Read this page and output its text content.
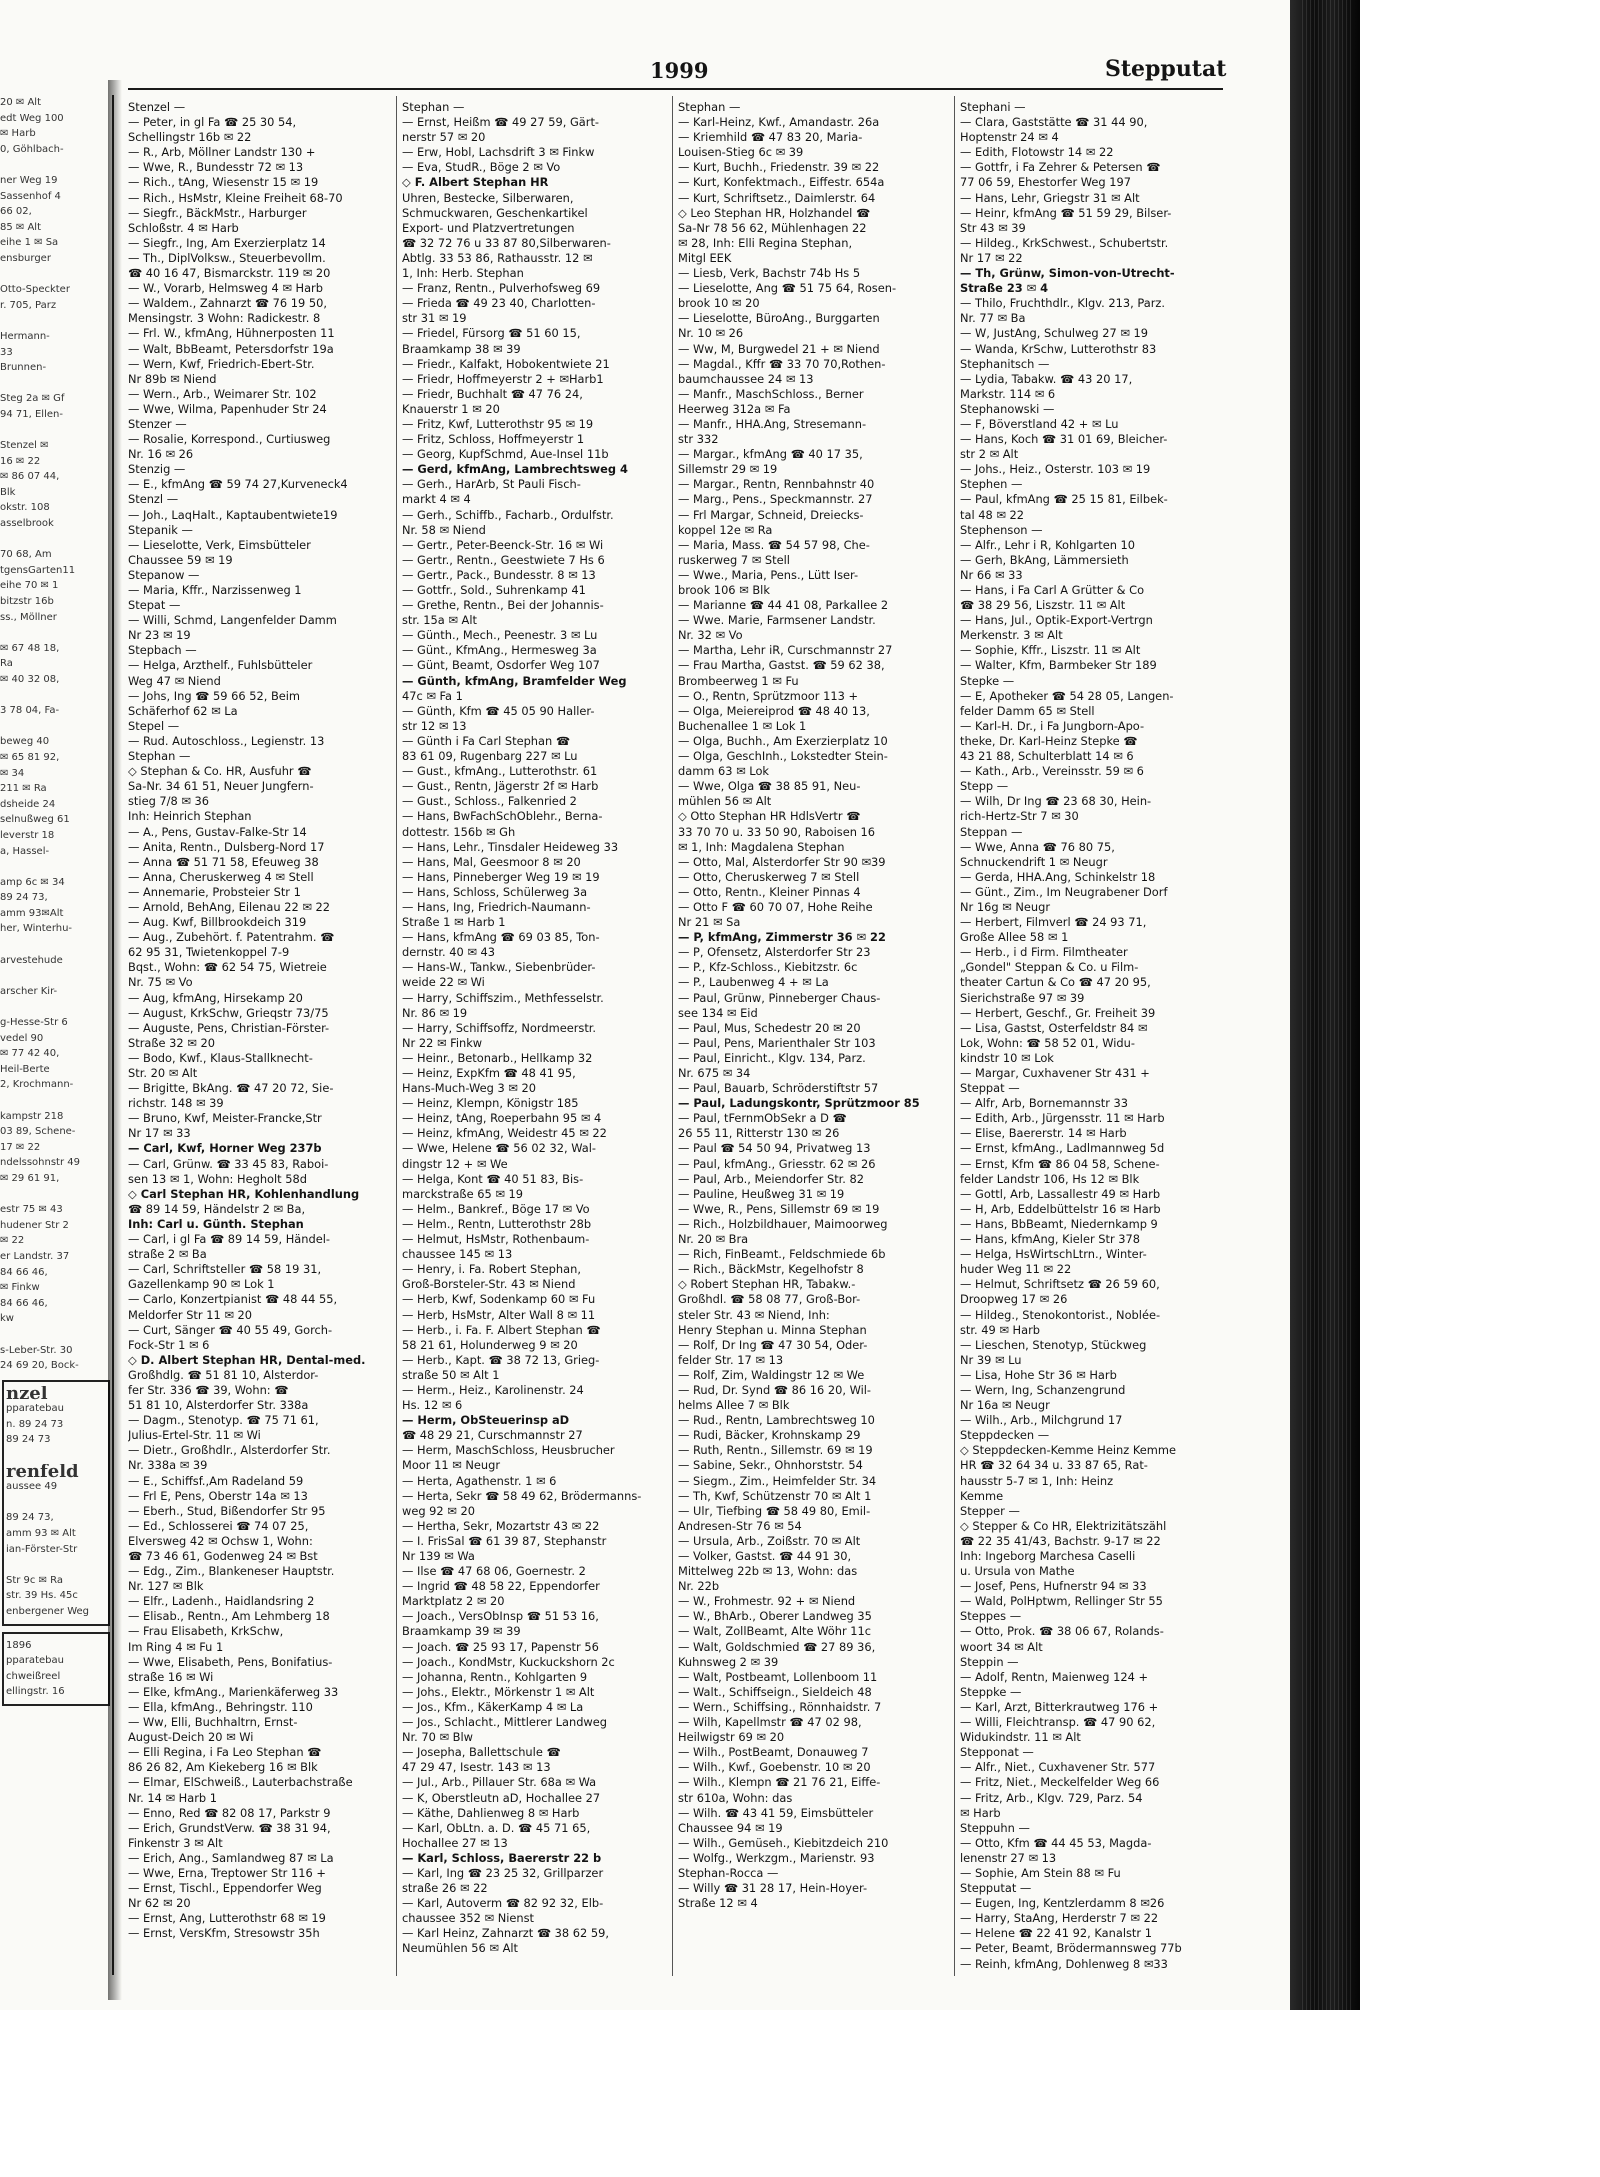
20 ✉ Alt
edt Weg 100
✉ Harb
0, Göhlbach-

ner Weg 19
Sassenhof 4
66 02,
85 ✉ Alt
eihe 1 ✉ Sa
ensburger

Otto-Speckter
r. 705, Parz

Hermann-
33
Brunnen-

Steg 2a ✉ Gf
94 71, Ellen-

Stenzel ✉
16 ✉ 22
✉ 86 07 44,
Blk
okstr. 108
asselbrook

70 68, Am
tgensGarten11
eihe 70 ✉ 1
bitzstr 16b
ss., Möllner

✉ 67 48 18,
Ra
✉ 40 32 08,

3 78 04, Fa-

beweg 40
✉ 65 81 92,
✉ 34
211 ✉ Ra
dsheide 24
selnußweg 61
leverstr 18
a, Hassel-

amp 6c ✉ 34
89 24 73,
amm 93✉Alt
her, Winterhu-

arvestehude

arscher Kir-

g-Hesse-Str 6
vedel 90
✉ 77 42 40,
Heil-Berte
2, Krochmann-

kampstr 218
03 89, Schene-
17 ✉ 22
ndelssohnstr 49
✉ 29 61 91,

estr 75 ✉ 43
hudener Str 2
✉ 22
er Landstr. 37
84 66 46,
✉ Finkw
84 66 46,
kw

s-Leber-Str. 30
24 69 20, Bock-
nzel
pparatebau
n. 89 24 73
89 24 73

renfeld
aussee 49

89 24 73,
amm 93 ✉ Alt
ian-Förster-Str

Str 9c ✉ Ra
str. 39 Hs. 45c
enbergener Weg
1896
pparatebau
chweißreel
ellingstr. 16
1999	Stepputat
Stenzel —
— Peter, in gl Fa ☎ 25 30 54,
Schellingstr 16b ✉ 22
— R., Arb, Möllner Landstr 130 +
— Wwe, R., Bundesstr 72 ✉ 13
— Rich., tAng, Wiesenstr 15 ✉ 19
— Rich., HsMstr, Kleine Freiheit 68-70
— Siegfr., BäckMstr., Harburger
Schloßstr. 4 ✉ Harb
— Siegfr., Ing, Am Exerzierplatz 14
— Th., DiplVolksw., Steuerbevollm.
☎ 40 16 47, Bismarckstr. 119 ✉ 20
— W., Vorarb, Helmsweg 4 ✉ Harb
— Waldem., Zahnarzt ☎ 76 19 50,
Mensingstr. 3 Wohn: Radickestr. 8
— Frl. W., kfmAng, Hühnerposten 11
— Walt, BbBeamt, Petersdorfstr 19a
— Wern, Kwf, Friedrich-Ebert-Str.
Nr 89b ✉ Niend
— Wern., Arb., Weimarer Str. 102
— Wwe, Wilma, Papenhuder Str 24
Stenzer —
— Rosalie, Korrespond., Curtiusweg
Nr. 16 ✉ 26
Stenzig —
— E., kfmAng ☎ 59 74 27,Kurveneck4
Stenzl —
— Joh., LaqHalt., Kaptaubentwiete19
Stepanik —
— Lieselotte, Verk, Eimsbütteler
Chaussee 59 ✉ 19
Stepanow —
— Maria, Kffr., Narzissenweg 1
Stepat —
— Willi, Schmd, Langenfelder Damm
Nr 23 ✉ 19
Stepbach —
— Helga, Arzthelf., Fuhlsbütteler
Weg 47 ✉ Niend
— Johs, Ing ☎ 59 66 52, Beim
Schäferhof 62 ✉ La
Stepel —
— Rud. Autoschloss., Legienstr. 13
Stephan —
◇ Stephan & Co. HR, Ausfuhr ☎
Sa-Nr. 34 61 51, Neuer Jungfern-
stieg 7/8 ✉ 36
Inh: Heinrich Stephan
— A., Pens, Gustav-Falke-Str 14
— Anita, Rentn., Dulsberg-Nord 17
— Anna ☎ 51 71 58, Efeuweg 38
— Anna, Cheruskerweg 4 ✉ Stell
— Annemarie, Probsteier Str 1
— Arnold, BehAng, Eilenau 22 ✉ 22
— Aug. Kwf, Billbrookdeich 319
— Aug., Zubehört. f. Patentrahm. ☎
62 95 31, Twietenkoppel 7-9
Bqst., Wohn: ☎ 62 54 75, Wietreie
Nr. 75 ✉ Vo
— Aug, kfmAng, Hirsekamp 20
— August, KrkSchw, Grieqstr 73/75
— Auguste, Pens, Christian-Förster-
Straße 32 ✉ 20
— Bodo, Kwf., Klaus-Stallknecht-
Str. 20 ✉ Alt
— Brigitte, BkAng. ☎ 47 20 72, Sie-
richstr. 148 ✉ 39
— Bruno, Kwf, Meister-Francke,Str
Nr 17 ✉ 33
— Carl, Kwf, Horner Weg 237b
— Carl, Grünw. ☎ 33 45 83, Raboi-
sen 13 ✉ 1, Wohn: Hegholt 58d
◇ Carl Stephan HR, Kohlenhandlung
☎ 89 14 59, Händelstr 2 ✉ Ba,
Inh: Carl u. Günth. Stephan
— Carl, i gl Fa ☎ 89 14 59, Händel-
straße 2 ✉ Ba
— Carl, Schriftsteller ☎ 58 19 31,
Gazellenkamp 90 ✉ Lok 1
— Carlo, Konzertpianist ☎ 48 44 55,
Meldorfer Str 11 ✉ 20
— Curt, Sänger ☎ 40 55 49, Gorch-
Fock-Str 1 ✉ 6
◇ D. Albert Stephan HR, Dental-med.
Großhdlg. ☎ 51 81 10, Alsterdor-
fer Str. 336 ☎ 39, Wohn: ☎
51 81 10, Alsterdorfer Str. 338a
— Dagm., Stenotyp. ☎ 75 71 61,
Julius-Ertel-Str. 11 ✉ Wi
— Dietr., Großhdlr., Alsterdorfer Str.
Nr. 338a ✉ 39
— E., Schiffsf.,Am Radeland 59
— Frl E, Pens, Oberstr 14a ✉ 13
— Eberh., Stud, Bißendorfer Str 95
— Ed., Schlosserei ☎ 74 07 25,
Elversweg 42 ✉ Ochsw 1, Wohn:
☎ 73 46 61, Godenweg 24 ✉ Bst
— Edg., Zim., Blankeneser Hauptstr.
Nr. 127 ✉ Blk
— Elfr., Ladenh., Haidlandsring 2
— Elisab., Rentn., Am Lehmberg 18
— Frau Elisabeth, KrkSchw,
Im Ring 4 ✉ Fu 1
— Wwe, Elisabeth, Pens, Bonifatius-
straße 16 ✉ Wi
— Elke, kfmAng., Marienkäferweg 33
— Ella, kfmAng., Behringstr. 110
— Ww, Elli, Buchhaltrn, Ernst-
August-Deich 20 ✉ Wi
— Elli Regina, i Fa Leo Stephan ☎
86 26 82, Am Kiekeberg 16 ✉ Blk
— Elmar, ElSchweiß., Lauterbachstraße
Nr. 14 ✉ Harb 1
— Enno, Red ☎ 82 08 17, Parkstr 9
— Erich, GrundstVerw. ☎ 38 31 94,
Finkenstr 3 ✉ Alt
— Erich, Ang., Samlandweg 87 ✉ La
— Wwe, Erna, Treptower Str 116 +
— Ernst, Tischl., Eppendorfer Weg
Nr 62 ✉ 20
— Ernst, Ang, Lutterothstr 68 ✉ 19
— Ernst, VersKfm, Stresowstr 35h
Stephan —
— Ernst, Heißm ☎ 49 27 59, Gärt-
nerstr 57 ✉ 20
— Erw, Hobl, Lachsdrift 3 ✉ Finkw
— Eva, StudR., Böge 2 ✉ Vo
◇ F. Albert Stephan HR
Uhren, Bestecke, Silberwaren,
Schmuckwaren, Geschenkartikel
Export- und Platzvertretungen
☎ 32 72 76 u 33 87 80,Silberwaren-
Abtlg. 33 53 86, Rathausstr. 12 ✉
1, Inh: Herb. Stephan
— Franz, Rentn., Pulverhofsweg 69
— Frieda ☎ 49 23 40, Charlotten-
str 31 ✉ 19
— Friedel, Fürsorg ☎ 51 60 15,
Braamkamp 38 ✉ 39
— Friedr., Kalfakt, Hobokentwiete 21
— Friedr, Hoffmeyerstr 2 + ✉Harb1
— Friedr, Buchhalt ☎ 47 76 24,
Knauerstr 1 ✉ 20
— Fritz, Kwf, Lutterothstr 95 ✉ 19
— Fritz, Schloss, Hoffmeyerstr 1
— Georg, KupfSchmd, Aue-Insel 11b
— Gerd, kfmAng, Lambrechtsweg 4
— Gerh., HarArb, St Pauli Fisch-
markt 4 ✉ 4
— Gerh., Schiffb., Facharb., Ordulfstr.
Nr. 58 ✉ Niend
— Gertr., Peter-Beenck-Str. 16 ✉ Wi
— Gertr., Rentn., Geestwiete 7 Hs 6
— Gertr., Pack., Bundesstr. 8 ✉ 13
— Gottfr., Sold., Suhrenkamp 41
— Grethe, Rentn., Bei der Johannis-
str. 15a ✉ Alt
— Günth., Mech., Peenestr. 3 ✉ Lu
— Günt., KfmAng., Hermesweg 3a
— Günt, Beamt, Osdorfer Weg 107
— Günth, kfmAng, Bramfelder Weg
47c ✉ Fa 1
— Günth, Kfm ☎ 45 05 90 Haller-
str 12 ✉ 13
— Günth i Fa Carl Stephan ☎
83 61 09, Rugenbarg 227 ✉ Lu
— Gust., kfmAng., Lutterothstr. 61
— Gust., Rentn, Jägerstr 2f ✉ Harb
— Gust., Schloss., Falkenried 2
— Hans, BwFachSchOblehr., Berna-
dottestr. 156b ✉ Gh
— Hans, Lehr., Tinsdaler Heideweg 33
— Hans, Mal, Geesmoor 8 ✉ 20
— Hans, Pinneberger Weg 19 ✉ 19
— Hans, Schloss, Schülerweg 3a
— Hans, Ing, Friedrich-Naumann-
Straße 1 ✉ Harb 1
— Hans, kfmAng ☎ 69 03 85, Ton-
dernstr. 40 ✉ 43
— Hans-W., Tankw., Siebenbrüder-
weide 22 ✉ Wi
— Harry, Schiffszim., Methfesselstr.
Nr. 86 ✉ 19
— Harry, Schiffsoffz, Nordmeerstr.
Nr 22 ✉ Finkw
— Heinr., Betonarb., Hellkamp 32
— Heinz, ExpKfm ☎ 48 41 95,
Hans-Much-Weg 3 ✉ 20
— Heinz, Klempn, Königstr 185
— Heinz, tAng, Roeperbahn 95 ✉ 4
— Heinz, kfmAng, Weidestr 45 ✉ 22
— Wwe, Helene ☎ 56 02 32, Wal-
dingstr 12 + ✉ We
— Helga, Kont ☎ 40 51 83, Bis-
marckstraße 65 ✉ 19
— Helm., Bankref., Böge 17 ✉ Vo
— Helm., Rentn, Lutterothstr 28b
— Helmut, HsMstr, Rothenbaum-
chaussee 145 ✉ 13
— Henry, i. Fa. Robert Stephan,
Groß-Borsteler-Str. 43 ✉ Niend
— Herb, Kwf, Sodenkamp 60 ✉ Fu
— Herb, HsMstr, Alter Wall 8 ✉ 11
— Herb., i. Fa. F. Albert Stephan ☎
58 21 61, Holunderweg 9 ✉ 20
— Herb., Kapt. ☎ 38 72 13, Grieg-
straße 50 ✉ Alt 1
— Herm., Heiz., Karolinenstr. 24
Hs. 12 ✉ 6
— Herm, ObSteuerinsp aD
☎ 48 29 21, Curschmannstr 27
— Herm, MaschSchloss, Heusbrucher
Moor 11 ✉ Neugr
— Herta, Agathenstr. 1 ✉ 6
— Herta, Sekr ☎ 58 49 62, Brödermanns-
weg 92 ✉ 20
— Hertha, Sekr, Mozartstr 43 ✉ 22
— I. FrisSal ☎ 61 39 87, Stephanstr
Nr 139 ✉ Wa
— Ilse ☎ 47 68 06, Goernestr. 2
— Ingrid ☎ 48 58 22, Eppendorfer
Marktplatz 2 ✉ 20
— Joach., VersObInsp ☎ 51 53 16,
Braamkamp 39 ✉ 39
— Joach. ☎ 25 93 17, Papenstr 56
— Joach., KondMstr, Kuckuckshorn 2c
— Johanna, Rentn., Kohlgarten 9
— Johs., Elektr., Mörkenstr 1 ✉ Alt
— Jos., Kfm., KäkerKamp 4 ✉ La
— Jos., Schlacht., Mittlerer Landweg
Nr. 70 ✉ Blw
— Josepha, Ballettschule ☎
47 29 47, Isestr. 143 ✉ 13
— Jul., Arb., Pillauer Str. 68a ✉ Wa
— K, Oberstleutn aD, Hochallee 27
— Käthe, Dahlienweg 8 ✉ Harb
— Karl, ObLtn. a. D. ☎ 45 71 65,
Hochallee 27 ✉ 13
— Karl, Schloss, Baererstr 22 b
— Karl, Ing ☎ 23 25 32, Grillparzer
straße 26 ✉ 22
— Karl, Autoverm ☎ 82 92 32, Elb-
chaussee 352 ✉ Nienst
— Karl Heinz, Zahnarzt ☎ 38 62 59,
Neumühlen 56 ✉ Alt
Stephan —
— Karl-Heinz, Kwf., Amandastr. 26a
— Kriemhild ☎ 47 83 20, Maria-
Louisen-Stieg 6c ✉ 39
— Kurt, Buchh., Friedenstr. 39 ✉ 22
— Kurt, Konfektmach., Eiffestr. 654a
— Kurt, Schriftsetz., Daimlerstr. 64
◇ Leo Stephan HR, Holzhandel ☎
Sa-Nr 78 56 62, Mühlenhagen 22
✉ 28, Inh: Elli Regina Stephan,
Mitgl EEK
— Liesb, Verk, Bachstr 74b Hs 5
— Lieselotte, Ang ☎ 51 75 64, Rosen-
brook 10 ✉ 20
— Lieselotte, BüroAng., Burggarten
Nr. 10 ✉ 26
— Ww, M, Burgwedel 21 + ✉ Niend
— Magdal., Kffr ☎ 33 70 70,Rothen-
baumchaussee 24 ✉ 13
— Manfr., MaschSchloss., Berner
Heerweg 312a ✉ Fa
— Manfr., HHA.Ang, Stresemann-
str 332
— Margar., kfmAng ☎ 40 17 35,
Sillemstr 29 ✉ 19
— Margar., Rentn, Rennbahnstr 40
— Marg., Pens., Speckmannstr. 27
— Frl Margar, Schneid, Dreiecks-
koppel 12e ✉ Ra
— Maria, Mass. ☎ 54 57 98, Che-
ruskerweg 7 ✉ Stell
— Wwe., Maria, Pens., Lütt Iser-
brook 106 ✉ Blk
— Marianne ☎ 44 41 08, Parkallee 2
— Wwe. Marie, Farmsener Landstr.
Nr. 32 ✉ Vo
— Martha, Lehr iR, Curschmannstr 27
— Frau Martha, Gastst. ☎ 59 62 38,
Brombeerweg 1 ✉ Fu
— O., Rentn, Sprützmoor 113 +
— Olga, Meiereiprod ☎ 48 40 13,
Buchenallee 1 ✉ Lok 1
— Olga, Buchh., Am Exerzierplatz 10
— Olga, GeschInh., Lokstedter Stein-
damm 63 ✉ Lok
— Wwe, Olga ☎ 38 85 91, Neu-
mühlen 56 ✉ Alt
◇ Otto Stephan HR HdlsVertr ☎
33 70 70 u. 33 50 90, Raboisen 16
✉ 1, Inh: Magdalena Stephan
— Otto, Mal, Alsterdorfer Str 90 ✉39
— Otto, Cheruskerweg 7 ✉ Stell
— Otto, Rentn., Kleiner Pinnas 4
— Otto F ☎ 60 70 07, Hohe Reihe
Nr 21 ✉ Sa
— P, kfmAng, Zimmerstr 36 ✉ 22
— P, Ofensetz, Alsterdorfer Str 23
— P., Kfz-Schloss., Kiebitzstr. 6c
— P., Laubenweg 4 + ✉ La
— Paul, Grünw, Pinneberger Chaus-
see 134 ✉ Eid
— Paul, Mus, Schedestr 20 ✉ 20
— Paul, Pens, Marienthaler Str 103
— Paul, Einricht., Klgv. 134, Parz.
Nr. 675 ✉ 34
— Paul, Bauarb, Schröderstiftstr 57
— Paul, Ladungskontr, Sprützmoor 85
— Paul, tFernmObSekr a D ☎
26 55 11, Ritterstr 130 ✉ 26
— Paul ☎ 54 50 94, Privatweg 13
— Paul, kfmAng., Griesstr. 62 ✉ 26
— Paul, Arb., Meiendorfer Str. 82
— Pauline, Heußweg 31 ✉ 19
— Wwe, R., Pens, Sillemstr 69 ✉ 19
— Rich., Holzbildhauer, Maimoorweg
Nr. 20 ✉ Bra
— Rich, FinBeamt., Feldschmiede 6b
— Rich., BäckMstr, Kegelhofstr 8
◇ Robert Stephan HR, Tabakw.-
Großhdl. ☎ 58 08 77, Groß-Bor-
steler Str. 43 ✉ Niend, Inh:
Henry Stephan u. Minna Stephan
— Rolf, Dr Ing ☎ 47 30 54, Oder-
felder Str. 17 ✉ 13
— Rolf, Zim, Waldingstr 12 ✉ We
— Rud, Dr. Synd ☎ 86 16 20, Wil-
helms Allee 7 ✉ Blk
— Rud., Rentn, Lambrechtsweg 10
— Rudi, Bäcker, Krohnskamp 29
— Ruth, Rentn., Sillemstr. 69 ✉ 19
— Sabine, Sekr., Ohnhorststr. 54
— Siegm., Zim., Heimfelder Str. 34
— Th, Kwf, Schützenstr 70 ✉ Alt 1
— Ulr, Tiefbing ☎ 58 49 80, Emil-
Andresen-Str 76 ✉ 54
— Ursula, Arb., Zoißstr. 70 ✉ Alt
— Volker, Gastst. ☎ 44 91 30,
Mittelweg 22b ✉ 13, Wohn: das
Nr. 22b
— W., Frohmestr. 92 + ✉ Niend
— W., BhArb., Oberer Landweg 35
— Walt, ZollBeamt, Alte Wöhr 11c
— Walt, Goldschmied ☎ 27 89 36,
Kuhnsweg 2 ✉ 39
— Walt, Postbeamt, Lollenboom 11
— Walt., Schiffseign., Sieldeich 48
— Wern., Schiffsing., Rönnhaidstr. 7
— Wilh, Kapellmstr ☎ 47 02 98,
Heilwigstr 69 ✉ 20
— Wilh., PostBeamt, Donauweg 7
— Wilh., Kwf., Goebenstr. 10 ✉ 20
— Wilh., Klempn ☎ 21 76 21, Eiffe-
str 610a, Wohn: das
— Wilh. ☎ 43 41 59, Eimsbütteler
Chaussee 94 ✉ 19
— Wilh., Gemüseh., Kiebitzdeich 210
— Wolfg., Werkzgm., Marienstr. 93
Stephan-Rocca —
— Willy ☎ 31 28 17, Hein-Hoyer-
Straße 12 ✉ 4
Stephani —
— Clara, Gaststätte ☎ 31 44 90,
Hoptenstr 24 ✉ 4
— Edith, Flotowstr 14 ✉ 22
— Gottfr, i Fa Zehrer & Petersen ☎
77 06 59, Ehestorfer Weg 197
— Hans, Lehr, Griegstr 31 ✉ Alt
— Heinr, kfmAng ☎ 51 59 29, Bilser-
Str 43 ✉ 39
— Hildeg., KrkSchwest., Schubertstr.
Nr 17 ✉ 22
— Th, Grünw, Simon-von-Utrecht-
Straße 23 ✉ 4
— Thilo, Fruchthdlr., Klgv. 213, Parz.
Nr. 77 ✉ Ba
— W, JustAng, Schulweg 27 ✉ 19
— Wanda, KrSchw, Lutterothstr 83
Stephanitsch —
— Lydia, Tabakw. ☎ 43 20 17,
Markstr. 114 ✉ 6
Stephanowski —
— F, Böverstland 42 + ✉ Lu
— Hans, Koch ☎ 31 01 69, Bleicher-
str 2 ✉ Alt
— Johs., Heiz., Osterstr. 103 ✉ 19
Stephen —
— Paul, kfmAng ☎ 25 15 81, Eilbek-
tal 48 ✉ 22
Stephenson —
— Alfr., Lehr i R, Kohlgarten 10
— Gerh, BkAng, Lämmersieth
Nr 66 ✉ 33
— Hans, i Fa Carl A Grütter & Co
☎ 38 29 56, Liszstr. 11 ✉ Alt
— Hans, Jul., Optik-Export-Vertrgn
Merkenstr. 3 ✉ Alt
— Sophie, Kffr., Liszstr. 11 ✉ Alt
— Walter, Kfm, Barmbeker Str 189
Stepke —
— E, Apotheker ☎ 54 28 05, Langen-
felder Damm 65 ✉ Stell
— Karl-H. Dr., i Fa Jungborn-Apo-
theke, Dr. Karl-Heinz Stepke ☎
43 21 88, Schulterblatt 14 ✉ 6
— Kath., Arb., Vereinsstr. 59 ✉ 6
Stepp —
— Wilh, Dr Ing ☎ 23 68 30, Hein-
rich-Hertz-Str 7 ✉ 30
Steppan —
— Wwe, Anna ☎ 76 80 75,
Schnuckendrift 1 ✉ Neugr
— Gerda, HHA.Ang, Schinkelstr 18
— Günt., Zim., Im Neugrabener Dorf
Nr 16g ✉ Neugr
— Herbert, Filmverl ☎ 24 93 71,
Große Allee 58 ✉ 1
— Herb., i d Firm. Filmtheater
„Gondel" Steppan & Co. u Film-
theater Cartun & Co ☎ 47 20 95,
Sierichstraße 97 ✉ 39
— Herbert, Geschf., Gr. Freiheit 39
— Lisa, Gastst, Osterfeldstr 84 ✉
Lok, Wohn: ☎ 58 52 01, Widu-
kindstr 10 ✉ Lok
— Margar, Cuxhavener Str 431 +
Steppat —
— Alfr, Arb, Bornemannstr 33
— Edith, Arb., Jürgensstr. 11 ✉ Harb
— Elise, Baererstr. 14 ✉ Harb
— Ernst, kfmAng., Ladlmannweg 5d
— Ernst, Kfm ☎ 86 04 58, Schene-
felder Landstr 106, Hs 12 ✉ Blk
— Gottl, Arb, Lassallestr 49 ✉ Harb
— H, Arb, Eddelbüttelstr 16 ✉ Harb
— Hans, BbBeamt, Niedernkamp 9
— Hans, kfmAng, Kieler Str 378
— Helga, HsWirtschLtrn., Winter-
huder Weg 11 ✉ 22
— Helmut, Schriftsetz ☎ 26 59 60,
Droopweg 17 ✉ 26
— Hildeg., Stenokontorist., Noblée-
str. 49 ✉ Harb
— Lieschen, Stenotyp, Stückweg
Nr 39 ✉ Lu
— Lisa, Hohe Str 36 ✉ Harb
— Wern, Ing, Schanzengrund
Nr 16a ✉ Neugr
— Wilh., Arb., Milchgrund 17
Steppdecken —
◇ Steppdecken-Kemme Heinz Kemme
HR ☎ 32 64 34 u. 33 87 65, Rat-
hausstr 5-7 ✉ 1, Inh: Heinz
Kemme
Stepper —
◇ Stepper & Co HR, Elektrizitätszähl
☎ 22 35 41/43, Bachstr. 9-17 ✉ 22
Inh: Ingeborg Marchesa Caselli
u. Ursula von Mathe
— Josef, Pens, Hufnerstr 94 ✉ 33
— Wald, PolHptwm, Rellinger Str 55
Steppes —
— Otto, Prok. ☎ 38 06 67, Rolands-
woort 34 ✉ Alt
Steppin —
— Adolf, Rentn, Maienweg 124 +
Steppke —
— Karl, Arzt, Bitterkrautweg 176 +
— Willi, Fleichtransp. ☎ 47 90 62,
Widukindstr. 11 ✉ Alt
Stepponat —
— Alfr., Niet., Cuxhavener Str. 577
— Fritz, Niet., Meckelfelder Weg 66
— Fritz, Arb., Klgv. 729, Parz. 54
✉ Harb
Steppuhn —
— Otto, Kfm ☎ 44 45 53, Magda-
lenenstr 27 ✉ 13
— Sophie, Am Stein 88 ✉ Fu
Stepputat —
— Eugen, Ing, Kentzlerdamm 8 ✉26
— Harry, StaAng, Herderstr 7 ✉ 22
— Helene ☎ 22 41 92, Kanalstr 1
— Peter, Beamt, Brödermannsweg 77b
— Reinh, kfmAng, Dohlenweg 8 ✉33
